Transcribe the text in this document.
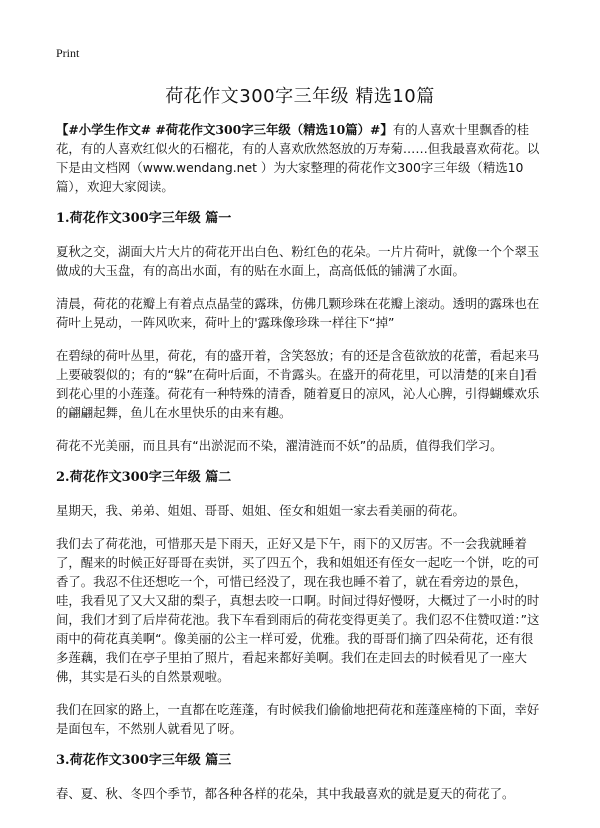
Print
荷花作文300字三年级 精选10篇

【#小学生作文# #荷花作文300字三年级（精选10篇）#】有的人喜欢十里飘香的桂花，有的人喜欢红似火的石榴花，有的人喜欢欣然怒放的万寿菊……但我最喜欢荷花。以下是由文档网（www.wendang.net ）为大家整理的荷花作文300字三年级（精选10篇），欢迎大家阅读。

1.荷花作文300字三年级 篇一

夏秋之交，湖面大片大片的荷花开出白色、粉红色的花朵。一片片荷叶，就像一个个翠玉做成的大玉盘，有的高出水面，有的贴在水面上，高高低低的铺满了水面。

清晨，荷花的花瓣上有着点点晶莹的露珠，仿佛几颗珍珠在花瓣上滚动。透明的露珠也在荷叶上晃动，一阵风吹来，荷叶上的'露珠像珍珠一样往下“掉”

在碧绿的荷叶丛里，荷花，有的盛开着，含笑怒放；有的还是含苞欲放的花蕾，看起来马上要破裂似的；有的“躲”在荷叶后面，不肯露头。在盛开的荷花里，可以清楚的[来自]看到花心里的小莲蓬。荷花有一种特殊的清香，随着夏日的凉风，沁人心脾，引得蝴蝶欢乐的翩翩起舞，鱼儿在水里快乐的由来有趣。

荷花不光美丽，而且具有“出淤泥而不染，濯清涟而不妖”的品质，值得我们学习。

2.荷花作文300字三年级 篇二

星期天，我、弟弟、姐姐、哥哥、姐姐、侄女和姐姐一家去看美丽的荷花。

我们去了荷花池，可惜那天是下雨天，正好又是下午，雨下的又厉害。不一会我就睡着了，醒来的时候正好哥哥在卖饼，买了四五个，我和姐姐还有侄女一起吃一个饼，吃的可香了。我忍不住还想吃一个，可惜已经没了，现在我也睡不着了，就在看旁边的景色，哇，我看见了又大又甜的梨子，真想去咬一口啊。时间过得好慢呀，大概过了一小时的时间，我们才到了后岸荷花池。我下车看到雨后的荷花变得更美了。我们忍不住赞叹道：”这雨中的荷花真美啊“。像美丽的公主一样可爱，优雅。我的哥哥们摘了四朵荷花，还有很多莲藕，我们在亭子里拍了照片，看起来都好美啊。我们在走回去的时候看见了一座大佛，其实是石头的自然景观啦。

我们在回家的路上，一直都在吃莲蓬，有时候我们偷偷地把荷花和莲蓬座椅的下面，幸好是面包车，不然别人就看见了呀。

3.荷花作文300字三年级 篇三

春、夏、秋、冬四个季节，都各种各样的花朵，其中我最喜欢的就是夏天的荷花了。
